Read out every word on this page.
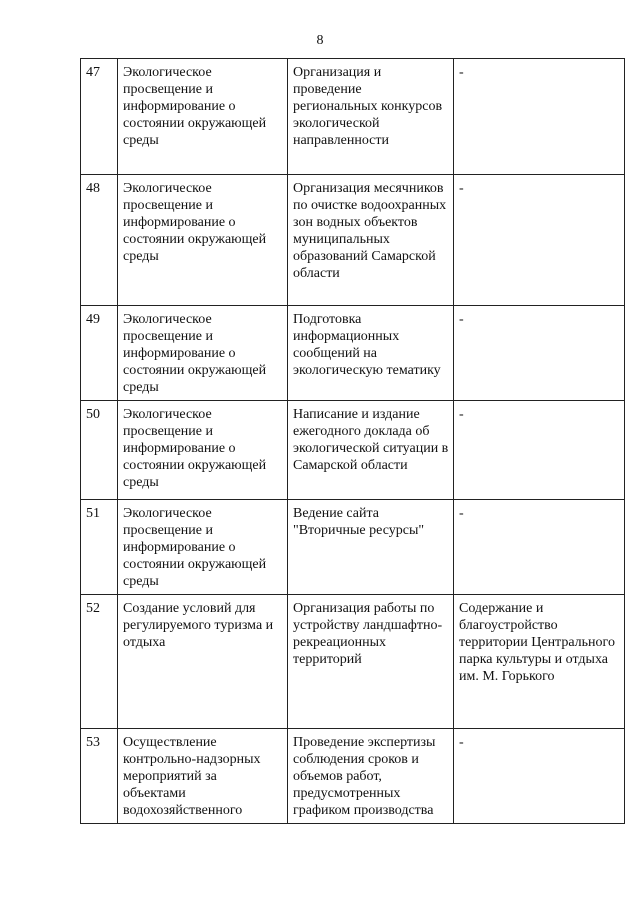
8
47	Экологическое просвещение и информирование о состоянии окружающей среды	Организация и проведение региональных конкурсов экологической направленности	-
48	Экологическое просвещение и информирование о состоянии окружающей среды	Организация месячников по очистке водоохранных зон водных объектов муниципальных образований Самарской области	-
49	Экологическое просвещение и информирование о состоянии окружающей среды	Подготовка информационных сообщений на экологическую тематику	-
50	Экологическое просвещение и информирование о состоянии окружающей среды	Написание и издание ежегодного доклада об экологической ситуации в Самарской области	-
51	Экологическое просвещение и информирование о состоянии окружающей среды	Ведение сайта "Вторичные ресурсы"	-
52	Создание условий для регулируемого туризма и отдыха	Организация работы по устройству ландшафтно-рекреационных территорий	Содержание и благоустройство территории Центрального парка культуры и отдыха им. М. Горького
53	Осуществление контрольно-надзорных мероприятий за объектами водохозяйственного	Проведение экспертизы соблюдения сроков и объемов работ, предусмотренных графиком производства	-
